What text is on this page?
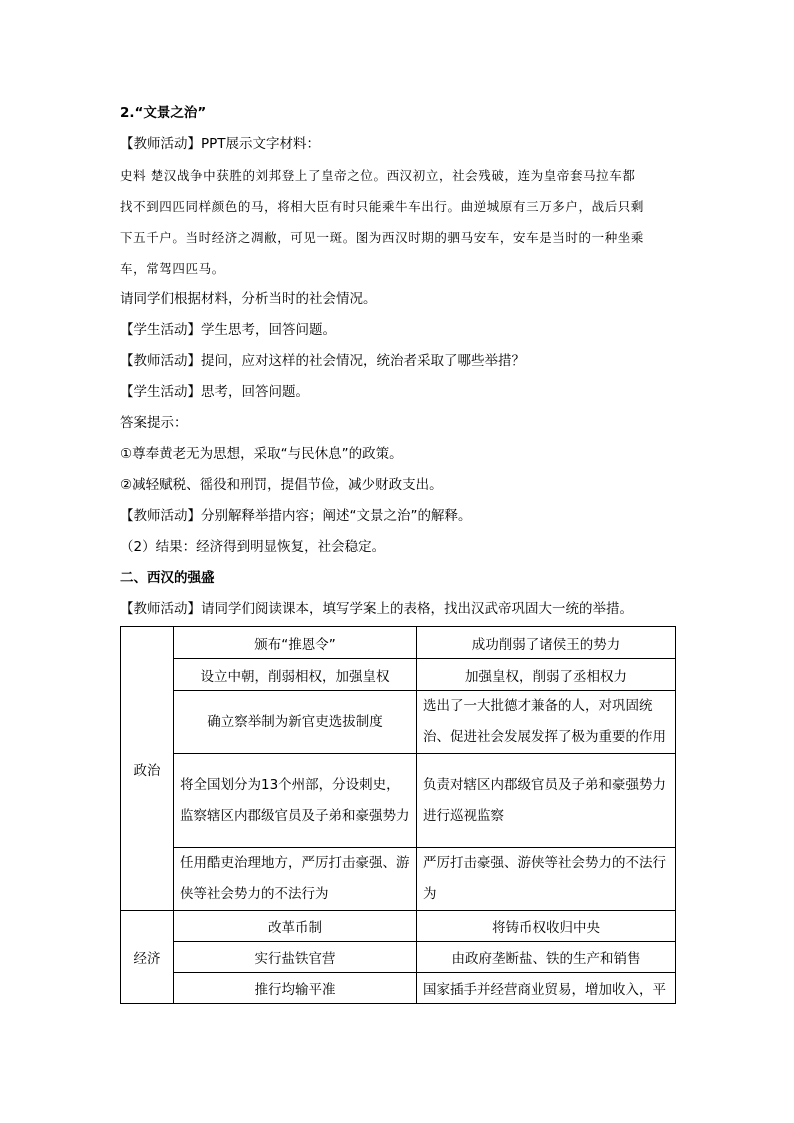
2.“文景之治”
【教师活动】PPT展示文字材料：
史料 楚汉战争中获胜的刘邦登上了皇帝之位。西汉初立，社会残破，连为皇帝套马拉车都
找不到四匹同样颜色的马，将相大臣有时只能乘牛车出行。曲逆城原有三万多户，战后只剩
下五千户。当时经济之凋敝，可见一斑。图为西汉时期的驷马安车，安车是当时的一种坐乘
车，常驾四匹马。
请同学们根据材料，分析当时的社会情况。
【学生活动】学生思考，回答问题。
【教师活动】提问，应对这样的社会情况，统治者采取了哪些举措？
【学生活动】思考，回答问题。
答案提示：
①尊奉黄老无为思想，采取“与民休息”的政策。
②减轻赋税、徭役和刑罚，提倡节俭，减少财政支出。
【教师活动】分别解释举措内容；阐述“文景之治”的解释。
（2）结果：经济得到明显恢复，社会稳定。
二、西汉的强盛
【教师活动】请同学们阅读课本，填写学案上的表格，找出汉武帝巩固大一统的举措。
政治	颁布“推恩令”	成功削弱了诸侯王的势力
	设立中朝，削弱相权，加强皇权	加强皇权，削弱了丞相权力

	确立察举制为新官吏选拔制度	选出了一大批德才兼备的人，对巩固统治、促进社会发展发挥了极为重要的作用

	将全国划分为13个州部，分设刺史，监察辖区内郡级官员及子弟和豪强势力	负责对辖区内郡级官员及子弟和豪强势力进行巡视监察

	任用酷吏治理地方，严厉打击豪强、游侠等社会势力的不法行为	严厉打击豪强、游侠等社会势力的不法行为

经济	改革币制	将铸币权收归中央
	实行盐铁官营	由政府垄断盐、铁的生产和销售
	推行均输平准	国家插手并经营商业贸易，增加收入，平
